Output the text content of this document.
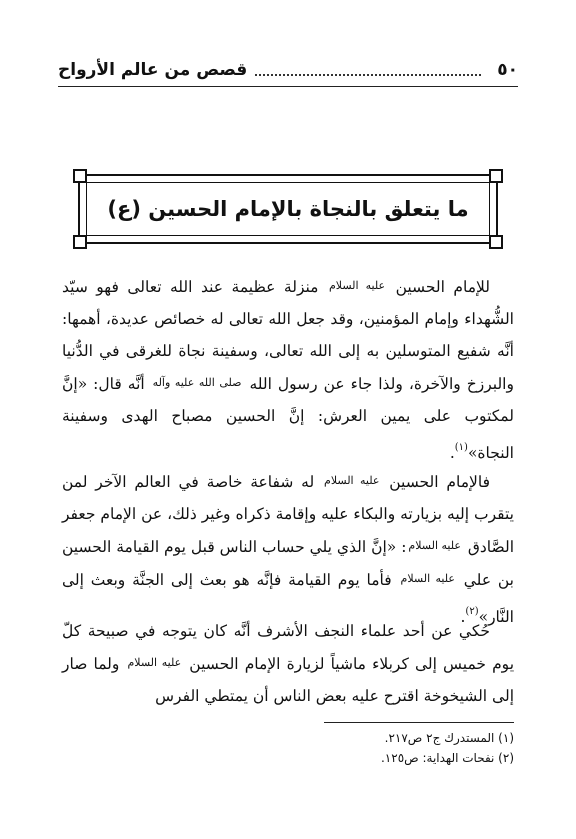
٥٠
قصص من عالم الأرواح
ما يتعلق بالنجاة بالإمام الحسين (ع)

للإمام الحسين عليه السلام منزلة عظيمة عند الله تعالى فهو سيّد الشُّهداء وإمام المؤمنين، وقد جعل الله تعالى له خصائص عديدة، أهمها: أنَّه شفيع المتوسلين به إلى الله تعالى، وسفينة نجاة للغرقى في الدُّنيا والبرزخ والآخرة، ولذا جاء عن رسول الله صلى الله عليه وآله أنَّه قال: «إنَّ لمكتوب على يمين العرش: إنَّ الحسين مصباح الهدى وسفينة النجاة»$^{(١)}$.

فالإمام الحسين عليه السلام له شفاعة خاصة في العالم الآخر لمن يتقرب إليه بزيارته والبكاء عليه وإقامة ذكراه وغير ذلك، عن الإمام جعفر الصَّادق عليه السلام: «إنَّ الذي يلي حساب الناس قبل يوم القيامة الحسين بن علي عليه السلام فأما يوم القيامة فإنَّه هو بعث إلى الجنَّة وبعث إلى النَّار»$^{(٢)}$.

حُكي عن أحد علماء النجف الأشرف أنَّه كان يتوجه في صبيحة كلّ يوم خميس إلى كربلاء ماشياً لزيارة الإمام الحسين عليه السلام ولما صار إلى الشيخوخة اقترح عليه بعض الناس أن يمتطي الفرس

(١) المستدرك ج٢ ص٢١٧.

(٢) نفحات الهداية: ص١٢٥.
